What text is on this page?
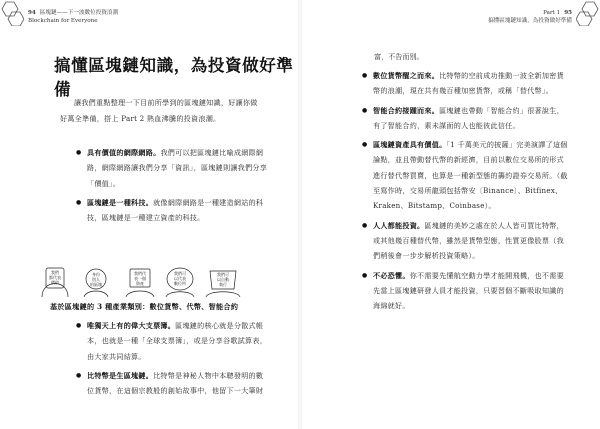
94 區塊鏈——下一波數位投資浪潮
Blockchain for Everyone
搞懂區塊鏈知識，為投資做好準備
讓我們重點整理一下目前所學到的區塊鏈知識，好讓你做好萬全準備，搭上 Part 2 熱血沸騰的投資浪潮。
● 具有價值的網際網路。我們可以把區塊鏈比喻成網際網路，網際網路讓我們分享「資訊」，區塊鏈則讓我們分享「價值」。
● 區塊鏈是一種科技。就像網際網路是一種建造網站的科技，區塊鏈是一種建立資產的科技。
我們
都代表
價值
身份
別人
的區塊
我們代
表一個
資產
我們可
以代表
數位所
我們可
以自動
執行
基於區塊鏈的 3 種產業類別：數位貨幣、代幣、智能合約
● 唯獨天上有的偉大支票簿。區塊鏈的核心就是分散式帳本，也就是一種「全球支票簿」，或是分享谷歌試算表，由大家共同結算。
● 比特幣是生區塊鏈。比特幣是神秘人物中本聰發明的數位貨幣，在這個宗教般的創始故事中，他留下一大筆財
Part 1 95
搞懂區塊鏈知識，為投資做好準備
富，不告而別。
● 數位貨幣醒之而來。比特幣的空前成功推動一波全新加密貨幣的浪潮，現在共有幾百種加密貨幣，或稱「替代幣」。
● 智能合約接踵而來。區塊鏈也帶動「智能合約」很著說生，有了智能合約，素未謀面的人也能彼此信任。
● 區塊鏈資產具有價值。「1 千萬美元的披薩」完美演譯了這個論點，並且帶動替代幣的新經濟，目前以數位交易所的形式進行替代幣買賣，也算是一種新型態的籌約證券交易所。（截至寫作時，交易所龍頭包括幣安〔Binance〕、Bitfinex、Kraken、Bitstamp、Coinbase）。
● 人人都能投資。區塊鏈的美妙之處在於人人皆可買比特幣，或其他幾百種替代幣，雖然是貨幣型態，性質更像股票（我們稍後會一步步解析投資策略）。
● 不必恐懼。你不需要先懂航空動力學才能開飛機，也不需要先當上區塊鏈研發人員才能投資，只要習個不斷吸取知識的海綿就好。
